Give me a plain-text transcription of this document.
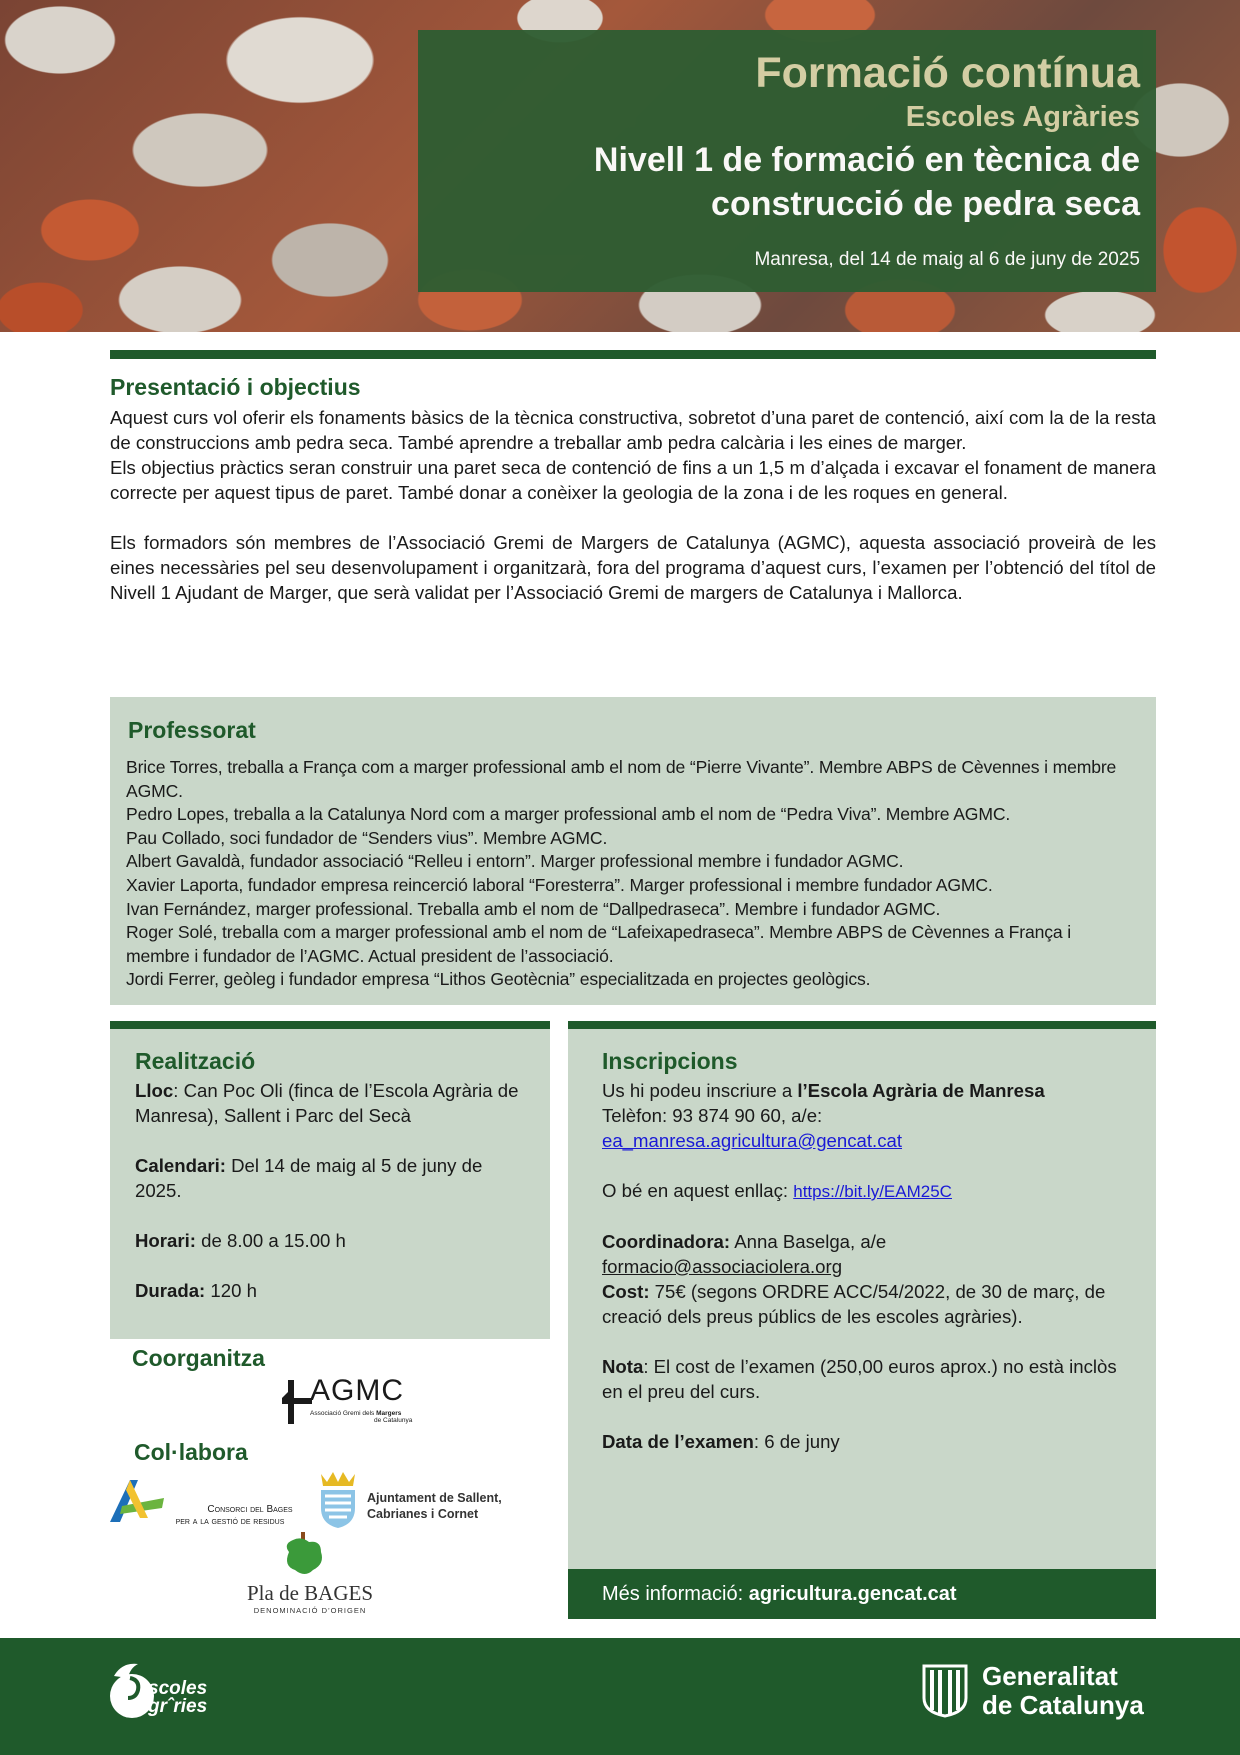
Formació contínua
Escoles Agràries
Nivell 1 de formació en tècnica de
construcció de pedra seca
Manresa, del 14 de maig al 6 de juny de 2025
Presentació i objectius

Aquest curs vol oferir els fonaments bàsics de la tècnica constructiva, sobretot d’una paret de contenció, així com la de la resta de construccions amb pedra seca. També aprendre a treballar amb pedra calcària i les eines de marger.

Els objectius pràctics seran construir una paret seca de contenció de fins a un 1,5 m d’alçada i excavar el fonament de manera correcte per aquest tipus de paret. També donar a conèixer la geologia de la zona i de les roques en general.

Els formadors són membres de l’Associació Gremi de Margers de Catalunya (AGMC), aquesta associació proveirà de les eines necessàries pel seu desenvolupament i organitzarà, fora del programa d’aquest curs, l’examen per l’obtenció del títol de Nivell 1 Ajudant de Marger, que serà validat per l’Associació Gremi de margers de Catalunya i Mallorca.

Professorat

Brice Torres, treballa a França com a marger professional amb el nom de “Pierre Vivante”. Membre ABPS de Cèvennes i membre AGMC.

Pedro Lopes, treballa a la Catalunya Nord com a marger professional amb el nom de “Pedra Viva”. Membre AGMC.

Pau Collado, soci fundador de “Senders vius”. Membre AGMC.

Albert Gavaldà, fundador associació “Relleu i entorn”. Marger professional membre i fundador AGMC.

Xavier Laporta, fundador empresa reincerció laboral “Foresterra”. Marger professional i membre fundador AGMC.

Ivan Fernández, marger professional. Treballa amb el nom de “Dallpedraseca”. Membre i fundador AGMC.

Roger Solé, treballa com a marger professional amb el nom de “Lafeixapedraseca”. Membre ABPS de Cèvennes a França i membre i fundador de l’AGMC. Actual president de l’associació.

Jordi Ferrer, geòleg i fundador empresa “Lithos Geotècnia” especialitzada en projectes geològics.

Realització
Lloc: Can Poc Oli (finca de l’Escola Agrària de Manresa), Sallent i Parc del Secà
Calendari: Del 14 de maig al 5 de juny de 2025.
Horari: de 8.00 a 15.00 h
Durada: 120 h
Inscripcions
Us hi podeu inscriure a l’Escola Agrària de Manresa
Telèfon: 93 874 90 60, a/e:
ea_manresa.agricultura@gencat.cat
O bé en aquest enllaç: https://bit.ly/EAM25C
Coordinadora: Anna Baselga, a/e
formacio@associaciolera.org
Cost: 75€ (segons ORDRE ACC/54/2022, de 30 de març, de creació dels preus públics de les escoles agràries).
Nota: El cost de l’examen (250,00 euros aprox.) no està inclòs en el preu del curs.
Data de l’examen: 6 de juny
Més informació: agricultura.gencat.cat
Coorganitza
AGMC
Associació Gremi dels Margers
de Catalunya
Col·labora
Consorci del Bages
per a la gestió de residus
Ajuntament de Sallent,
Cabrianes i Cornet
Pla de BAGES
DENOMINACIÓ D’ORIGEN
scoles
grˆries
Generalitat
de Catalunya
